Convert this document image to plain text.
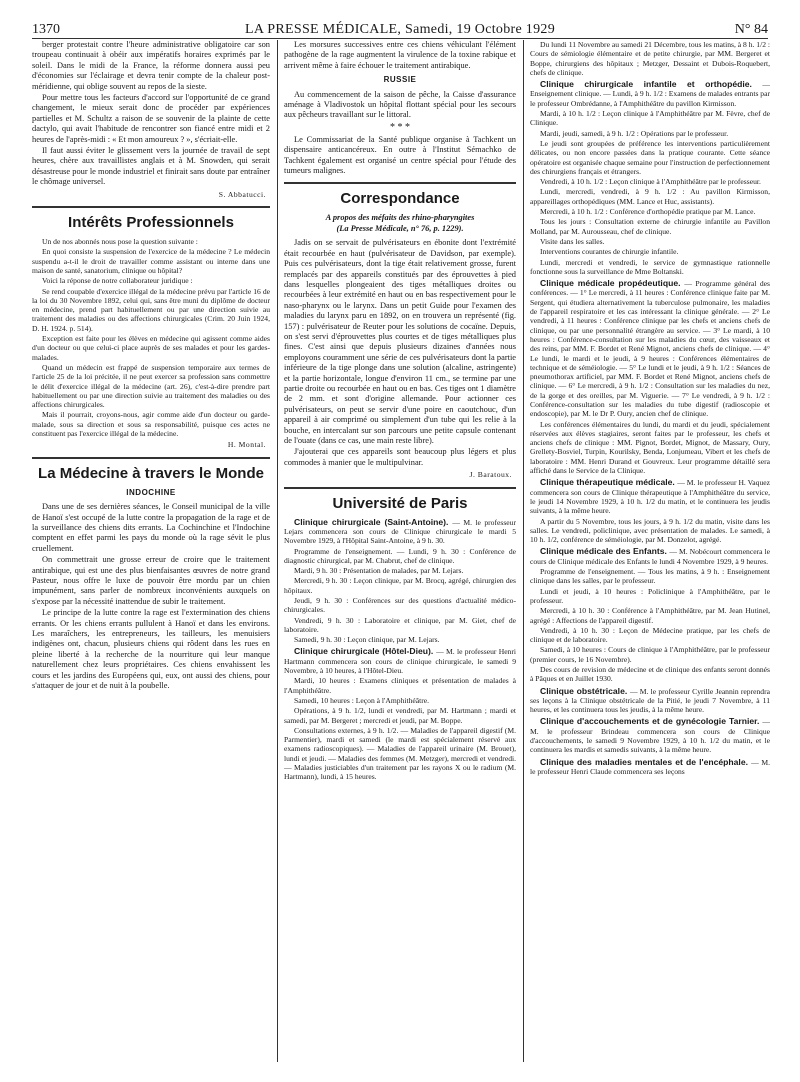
1370	LA PRESSE MÉDICALE, Samedi, 19 Octobre 1929	N° 84

berger protestait contre l'heure administrative obligatoire car son troupeau continuait à obéir aux impératifs horaires exprimés par le soleil. Dans le midi de la France, la réforme donnera aussi peu d'économies sur l'éclairage et devra tenir compte de la chaleur post-méridienne, qui oblige souvent au repos de la sieste.

Pour mettre tous les facteurs d'accord sur l'opportunité de ce grand changement, le mieux serait donc de procéder par expériences partielles et M. Schultz a raison de se souvenir de la plainte de cette dactylo, qui avait l'habitude de rencontrer son fiancé entre midi et 2 heures de l'après-midi : « Et mon amoureux ? », s'écriait-elle.

Il faut aussi éviter le glissement vers la journée de travail de sept heures, chère aux travaillistes anglais et à M. Snowden, qui serait désastreuse pour le monde industriel et finirait sans doute par entraîner le chômage universel.

S. Abbatucci.
Intérêts Professionnels

Un de nos abonnés nous pose la question suivante :

En quoi consiste la suspension de l'exercice de la médecine ? Le médecin suspendu a-t-il le droit de travailler comme assistant ou interne dans une maison de santé, sanatorium, clinique ou hôpital?

Voici la réponse de notre collaborateur juridique :

Se rend coupable d'exercice illégal de la médecine prévu par l'article 16 de la loi du 30 Novembre 1892, celui qui, sans être muni du diplôme de docteur en médecine, prend part habituellement ou par une direction suivie au traitement des maladies ou des affections chirurgicales (Crim. 20 Juin 1924, D. H. 1924. p. 514).

Exception est faite pour les élèves en médecine qui agissent comme aides d'un docteur ou que celui-ci place auprès de ses malades et pour les gardes-malades.

Quand un médecin est frappé de suspension temporaire aux termes de l'article 25 de la loi précitée, il ne peut exercer sa profession sans commettre le délit d'exercice illégal de la médecine (art. 26), c'est-à-dire prendre part habituellement ou par une direction suivie au traitement des maladies ou des affections chirurgicales.

Mais il pourrait, croyons-nous, agir comme aide d'un docteur ou garde-malade, sous sa direction et sous sa responsabilité, puisque ces actes ne constituent pas l'exercice illégal de la médecine.

H. Montal.
La Médecine à travers le Monde
INDOCHINE

Dans une de ses dernières séances, le Conseil municipal de la ville de Hanoï s'est occupé de la lutte contre la propagation de la rage et de la surveillance des chiens dits errants. La Cochinchine et l'Indochine comptent en effet parmi les pays du monde où la rage sévit le plus cruellement.

On commettrait une grosse erreur de croire que le traitement antirabique, qui est une des plus bienfaisantes œuvres de notre grand Pasteur, nous offre le luxe de pouvoir être mordu par un chien impunément, sans parler de nombreux inconvénients auxquels on s'expose par la nécessité inattendue de subir le traitement.

Le principe de la lutte contre la rage est l'extermination des chiens errants. Or les chiens errants pullulent à Hanoï et dans les environs. Les maraîchers, les entrepreneurs, les tailleurs, les menuisiers indigènes ont, chacun, plusieurs chiens qui rôdent dans les rues en pleine liberté à la recherche de la nourriture qui leur manque naturellement chez leurs propriétaires. Ces chiens envahissent les cours et les jardins des Européens qui, eux, ont aussi des chiens, pour s'attaquer de jour et de nuit à la poubelle.

Les morsures successives entre ces chiens véhiculant l'élément pathogène de la rage augmentent la virulence de la toxine rabique et arrivent même à faire échouer le traitement antirabique.

RUSSIE

Au commencement de la saison de pêche, la Caisse d'assurance aménage à Vladivostok un hôpital flottant spécial pour les secours aux pêcheurs travaillant sur le littoral.

* * *

Le Commissariat de la Santé publique organise à Tachkent un dispensaire anticancéreux. En outre à l'Institut Sémachko de Tachkent également est organisé un centre spécial pour l'étude des tumeurs malignes.

Correspondance
A propos des méfaits des rhino-pharyngites
(La Presse Médicale, n° 76, p. 1229).

Jadis on se servait de pulvérisateurs en ébonite dont l'extrémité était recourbée en haut (pulvérisateur de Davidson, par exemple). Puis ces pulvérisateurs, dont la tige était relativement grosse, furent remplacés par des appareils constitués par des éprouvettes à pied dans lesquelles plongeaient des tiges métalliques droites ou recourbées à leur extrémité en haut ou en bas respectivement pour le naso-pharynx ou le larynx. Dans un petit Guide pour l'examen des maladies du larynx paru en 1892, on en trouvera un représenté (fig. 157) : pulvérisateur de Reuter pour les solutions de cocaïne. Depuis, on s'est servi d'éprouvettes plus courtes et de tiges métalliques plus fines. C'est ainsi que depuis plusieurs dizaines d'années nous employons couramment une série de ces pulvérisateurs dont la partie inférieure de la tige plonge dans une solution (alcaline, astringente) et la partie horizontale, longue d'environ 11 cm., se termine par une partie droite ou recourbée en haut ou en bas. Ces tiges ont 1 diamètre de 2 mm. et sont d'origine allemande. Pour actionner ces pulvérisateurs, on peut se servir d'une poire en caoutchouc, d'un appareil à air comprimé ou simplement d'un tube qui les relie à la bouche, en intercalant sur son parcours une petite capsule contenant de l'ouate (dans ce cas, une main reste libre).

J'ajouterai que ces appareils sont beaucoup plus légers et plus commodes à manier que le multipulvinar.

J. Baratoux.
Université de Paris

Clinique chirurgicale (Saint-Antoine). — M. le professeur Lejars commencera son cours de Clinique chirurgicale le mardi 5 Novembre 1929, à l'Hôpital Saint-Antoine, à 9 h. 30.

Programme de l'enseignement. — Lundi, 9 h. 30 : Conférence de diagnostic chirurgical, par M. Chabrut, chef de clinique.

Mardi, 9 h. 30 : Présentation de malades, par M. Lejars.

Mercredi, 9 h. 30 : Leçon clinique, par M. Brocq, agrégé, chirurgien des hôpitaux.

Jeudi, 9 h. 30 : Conférences sur des questions d'actualité médico-chirurgicales.

Vendredi, 9 h. 30 : Laboratoire et clinique, par M. Giet, chef de laboratoire.

Samedi, 9 h. 30 : Leçon clinique, par M. Lejars.

Clinique chirurgicale (Hôtel-Dieu). — M. le professeur Henri Hartmann commencera son cours de clinique chirurgicale, le samedi 9 Novembre, à 10 heures, à l'Hôtel-Dieu.

Mardi, 10 heures : Examens cliniques et présentation de malades à l'Amphithéâtre.

Samedi, 10 heures : Leçon à l'Amphithéâtre.

Opérations, à 9 h. 1/2, lundi et vendredi, par M. Hartmann ; mardi et samedi, par M. Bergeret ; mercredi et jeudi, par M. Boppe.

Consultations externes, à 9 h. 1/2. — Maladies de l'appareil digestif (M. Parmentier), mardi et samedi (le mardi est spécialement réservé aux examens radioscopiques). — Maladies de l'appareil urinaire (M. Brouet), lundi et jeudi. — Maladies des femmes (M. Metzger), mercredi et vendredi. — Maladies justiciables d'un traitement par les rayons X ou le radium (M. Hartmann), lundi, à 15 heures.

Du lundi 11 Novembre au samedi 21 Décembre, tous les matins, à 8 h. 1/2 : Cours de sémiologie élémentaire et de petite chirurgie, par MM. Bergeret et Boppe, chirurgiens des hôpitaux ; Metzger, Dessaint et Dubois-Roquebert, chefs de clinique.

Clinique chirurgicale infantile et orthopédie. — Enseignement clinique. — Lundi, à 9 h. 1/2 : Examens de malades entrants par le professeur Ombrédanne, à l'Amphithéâtre du pavillon Kirmisson.

Mardi, à 10 h. 1/2 : Leçon clinique à l'Amphithéâtre par M. Fèvre, chef de Clinique.

Mardi, jeudi, samedi, à 9 h. 1/2 : Opérations par le professeur.

Le jeudi sont groupées de préférence les interventions particulièrement délicates, ou non encore passées dans la pratique courante. Cette séance opératoire est organisée chaque semaine pour l'instruction de perfectionnement des chirurgiens français et étrangers.

Vendredi, à 10 h. 1/2 : Leçon clinique à l'Amphithéâtre par le professeur.

Lundi, mercredi, vendredi, à 9 h. 1/2 : Au pavillon Kirmisson, appareillages orthopédiques (MM. Lance et Huc, assistants).

Mercredi, à 10 h. 1/2 : Conférence d'orthopédie pratique par M. Lance.

Tous les jours : Consultation externe de chirurgie infantile au Pavillon Molland, par M. Aurousseau, chef de clinique.

Visite dans les salles.

Interventions courantes de chirurgie infantile.

Lundi, mercredi et vendredi, le service de gymnastique rationnelle fonctionne sous la surveillance de Mme Boltanski.

Clinique médicale propédeutique. — Programme général des conférences. — 1° Le mercredi, à 11 heures : Conférence clinique faite par M. Sergent, qui étudiera alternativement la tuberculose pulmonaire, les maladies de l'appareil respiratoire et les cas intéressant la clinique générale. — 2° Le vendredi, à 11 heures : Conférence clinique par les chefs et anciens chefs de clinique, ou par une personnalité étrangère au service. — 3° Le mardi, à 10 heures : Conférence-consultation sur les maladies du cœur, des vaisseaux et des reins, par MM. F. Bordet et René Mignot, anciens chefs de clinique. — 4° Le lundi, le mardi et le jeudi, à 9 heures : Conférences élémentaires de technique et de séméiologie. — 5° Le lundi et le jeudi, à 9 h. 1/2 : Séances de pneumothorax artificiel, par MM. F. Bordet et René Mignot, anciens chefs de clinique. — 6° Le mercredi, à 9 h. 1/2 : Consultation sur les maladies du nez, de la gorge et des oreilles, par M. Viguerie. — 7° Le vendredi, à 9 h. 1/2 : Conférence-consultation sur les maladies du tube digestif (radioscopie et endoscopie), par M. le Dr P. Oury, ancien chef de clinique.

Les conférences élémentaires du lundi, du mardi et du jeudi, spécialement réservées aux élèves stagiaires, seront faites par le professeur, les chefs et anciens chefs de clinique : MM. Pignot, Bordet, Mignot, de Massary, Oury, Grellety-Bosviel, Turpin, Kourilsky, Benda, Lonjumeau, Vibert et les chefs de laboratoire : MM. Henri Durand et Gouvreux. Leur programme détaillé sera affiché dans le Service de la Clinique.

Clinique thérapeutique médicale. — M. le professeur H. Vaquez commencera son cours de Clinique thérapeutique à l'Amphithéâtre du service, le jeudi 14 Novembre 1929, à 10 h. 1/2 du matin, et le continuera les jeudis suivants, à la même heure.

A partir du 5 Novembre, tous les jours, à 9 h. 1/2 du matin, visite dans les salles. Le vendredi, policlinique, avec présentation de malades. Le samedi, à 10 h. 1/2, conférence de séméiologie, par M. Donzelot, agrégé.

Clinique médicale des Enfants. — M. Nobécourt commencera le cours de Clinique médicale des Enfants le lundi 4 Novembre 1929, à 9 heures.

Programme de l'enseignement. — Tous les matins, à 9 h. : Enseignement clinique dans les salles, par le professeur.

Lundi et jeudi, à 10 heures : Policlinique à l'Amphithéâtre, par le professeur.

Mercredi, à 10 h. 30 : Conférence à l'Amphithéâtre, par M. Jean Hutinel, agrégé : Affections de l'appareil digestif.

Vendredi, à 10 h. 30 : Leçon de Médecine pratique, par les chefs de clinique et de laboratoire.

Samedi, à 10 heures : Cours de clinique à l'Amphithéâtre, par le professeur (premier cours, le 16 Novembre).

Des cours de revision de médecine et de clinique des enfants seront donnés à Pâques et en Juillet 1930.

Clinique obstétricale. — M. le professeur Cyrille Jeannin reprendra ses leçons à la Clinique obstétricale de la Pitié, le jeudi 7 Novembre, à 11 heures, et les continuera tous les jeudis, à la même heure.

Clinique d'accouchements et de gynécologie Tarnier. — M. le professeur Brindeau commencera son cours de Clinique d'accouchements, le samedi 9 Novembre 1929, à 10 h. 1/2 du matin, et le continuera les mardis et samedis suivants, à la même heure.

Clinique des maladies mentales et de l'encéphale. — M. le professeur Henri Claude commencera ses leçons
